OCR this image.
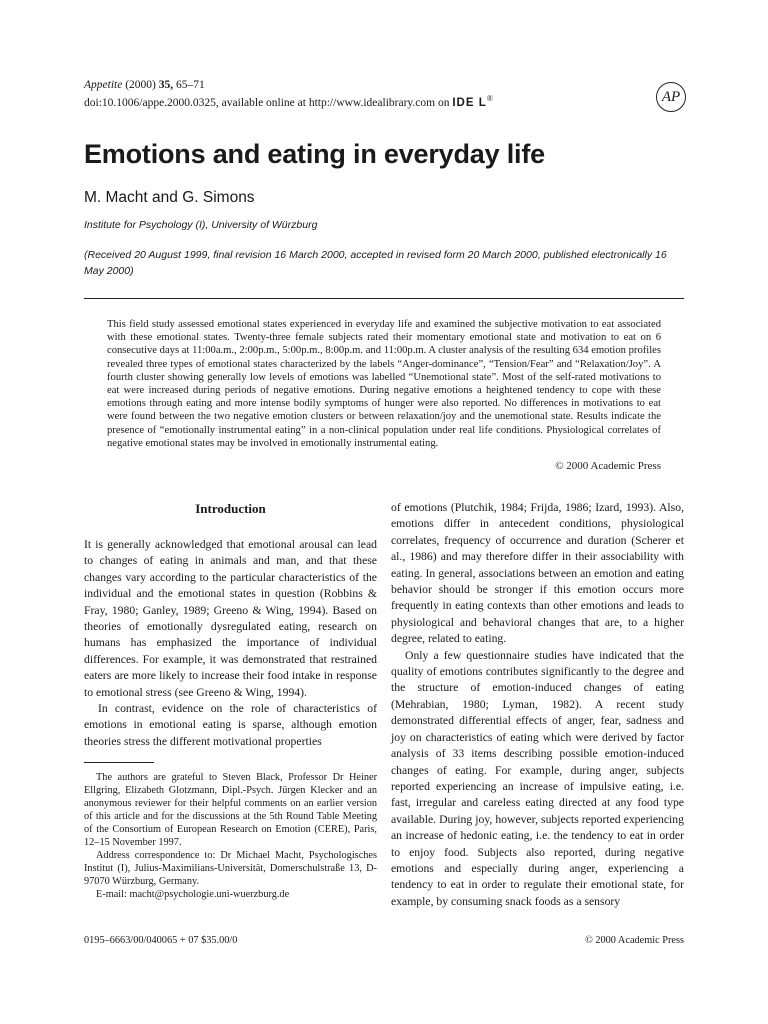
Appetite (2000) 35, 65–71
doi:10.1006/appe.2000.0325, available online at http://www.idealibrary.com on IDE L®	AP
Emotions and eating in everyday life
M. Macht and G. Simons
Institute for Psychology (I), University of Würzburg
(Received 20 August 1999, final revision 16 March 2000, accepted in revised form 20 March 2000, published electronically 16 May 2000)
This field study assessed emotional states experienced in everyday life and examined the subjective motivation to eat associated with these emotional states. Twenty-three female subjects rated their momentary emotional state and motivation to eat on 6 consecutive days at 11:00a.m., 2:00p.m., 5:00p.m., 8:00p.m. and 11:00p.m. A cluster analysis of the resulting 634 emotion profiles revealed three types of emotional states characterized by the labels “Anger-dominance”, “Tension/Fear” and “Relaxation/Joy”. A fourth cluster showing generally low levels of emotions was labelled “Unemotional state”. Most of the self-rated motivations to eat were increased during periods of negative emotions. During negative emotions a heightened tendency to cope with these emotions through eating and more intense bodily symptoms of hunger were also reported. No differences in motivations to eat were found between the two negative emotion clusters or between relaxation/joy and the unemotional state. Results indicate the presence of “emotionally instrumental eating” in a non-clinical population under real life conditions. Physiological correlates of negative emotional states may be involved in emotionally instrumental eating.
© 2000 Academic Press
Introduction

It is generally acknowledged that emotional arousal can lead to changes of eating in animals and man, and that these changes vary according to the particular characteristics of the individual and the emotional states in question (Robbins & Fray, 1980; Ganley, 1989; Greeno & Wing, 1994). Based on theories of emotionally dysregulated eating, research on humans has emphasized the importance of individual differences. For example, it was demonstrated that restrained eaters are more likely to increase their food intake in response to emotional stress (see Greeno & Wing, 1994).

In contrast, evidence on the role of characteristics of emotions in emotional eating is sparse, although emotion theories stress the different motivational properties

of emotions (Plutchik, 1984; Frijda, 1986; Izard, 1993). Also, emotions differ in antecedent conditions, physiological correlates, frequency of occurrence and duration (Scherer et al., 1986) and may therefore differ in their associability with eating. In general, associations between an emotion and eating behavior should be stronger if this emotion occurs more frequently in eating contexts than other emotions and leads to physiological and behavioral changes that are, to a higher degree, related to eating.

Only a few questionnaire studies have indicated that the quality of emotions contributes significantly to the degree and the structure of emotion-induced changes of eating (Mehrabian, 1980; Lyman, 1982). A recent study demonstrated differential effects of anger, fear, sadness and joy on characteristics of eating which were derived by factor analysis of 33 items describing possible emotion-induced changes of eating. For example, during anger, subjects reported experiencing an increase of impulsive eating, i.e. fast, irregular and careless eating directed at any food type available. During joy, however, subjects reported experiencing an increase of hedonic eating, i.e. the tendency to eat in order to enjoy food. Subjects also reported, during negative emotions and especially during anger, experiencing a tendency to eat in order to regulate their emotional state, for example, by consuming snack foods as a sensory

The authors are grateful to Steven Black, Professor Dr Heiner Ellgring, Elizabeth Glotzmann, Dipl.-Psych. Jürgen Klecker and an anonymous reviewer for their helpful comments on an earlier version of this article and for the discussions at the 5th Round Table Meeting of the Consortium of European Research on Emotion (CERE), Paris, 12–15 November 1997.

Address correspondence to: Dr Michael Macht, Psychologisches Institut (I), Julius-Maximilians-Universität, Domerschulstraße 13, D-97070 Würzburg, Germany.

E-mail: macht@psychologie.uni-wuerzburg.de

0195–6663/00/040065 + 07 $35.00/0	© 2000 Academic Press
